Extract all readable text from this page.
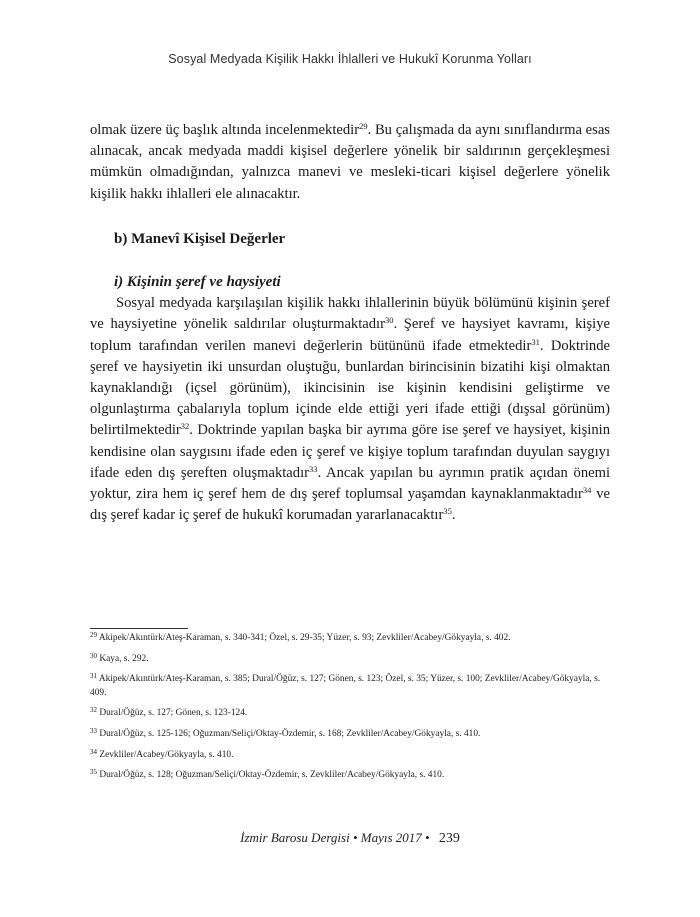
Sosyal Medyada Kişilik Hakkı İhlalleri ve Hukukî Korunma Yolları

olmak üzere üç başlık altında incelenmektedir$^{29}$. Bu çalışmada da aynı sınıflandırma esas alınacak, ancak medyada maddi kişisel değerlere yönelik bir saldırının gerçekleşmesi mümkün olmadığından, yalnızca manevi ve mesleki-ticari kişisel değerlere yönelik kişilik hakkı ihlalleri ele alınacaktır.

b) Manevî Kişisel Değerler
i) Kişinin şeref ve haysiyeti

Sosyal medyada karşılaşılan kişilik hakkı ihlallerinin büyük bölümünü kişinin şeref ve haysiyetine yönelik saldırılar oluşturmaktadır$^{30}$. Şeref ve haysiyet kavramı, kişiye toplum tarafından verilen manevi değerlerin bütününü ifade etmektedir$^{31}$. Doktrinde şeref ve haysiyetin iki unsurdan oluştuğu, bunlardan birincisinin bizatihi kişi olmaktan kaynaklandığı (içsel görünüm), ikincisinin ise kişinin kendisini geliştirme ve olgunlaştırma çabalarıyla toplum içinde elde ettiği yeri ifade ettiği (dışsal görünüm) belirtilmektedir$^{32}$. Doktrinde yapılan başka bir ayrıma göre ise şeref ve haysiyet, kişinin kendisine olan saygısını ifade eden iç şeref ve kişiye toplum tarafından duyulan saygıyı ifade eden dış şereften oluşmaktadır$^{33}$. Ancak yapılan bu ayrımın pratik açıdan önemi yoktur, zira hem iç şeref hem de dış şeref toplumsal yaşamdan kaynaklanmaktadır$^{34}$ ve dış şeref kadar iç şeref de hukukî korumadan yararlanacaktır$^{35}$.

$^{29}$ Akipek/Akıntürk/Ateş-Karaman, s. 340-341; Özel, s. 29-35; Yüzer, s. 93; Zevkliler/Acabey/Gökyayla, s. 402.

$^{30}$ Kaya, s. 292.

$^{31}$ Akipek/Akıntürk/Ateş-Karaman, s. 385; Dural/Öğüz, s. 127; Gönen, s. 123; Özel, s. 35; Yüzer, s. 100; Zevkliler/Acabey/Gökyayla, s. 409.

$^{32}$ Dural/Öğüz, s. 127; Gönen, s. 123-124.

$^{33}$ Dural/Öğüz, s. 125-126; Oğuzman/Seliçi/Oktay-Özdemir, s. 168; Zevkliler/Acabey/Gökyayla, s. 410.

$^{34}$ Zevkliler/Acabey/Gökyayla, s. 410.

$^{35}$ Dural/Öğüz, s. 128; Oğuzman/Seliçi/Oktay-Özdemir, s. Zevkliler/Acabey/Gökyayla, s. 410.

İzmir Barosu Dergisi • Mayıs 2017 • 239
